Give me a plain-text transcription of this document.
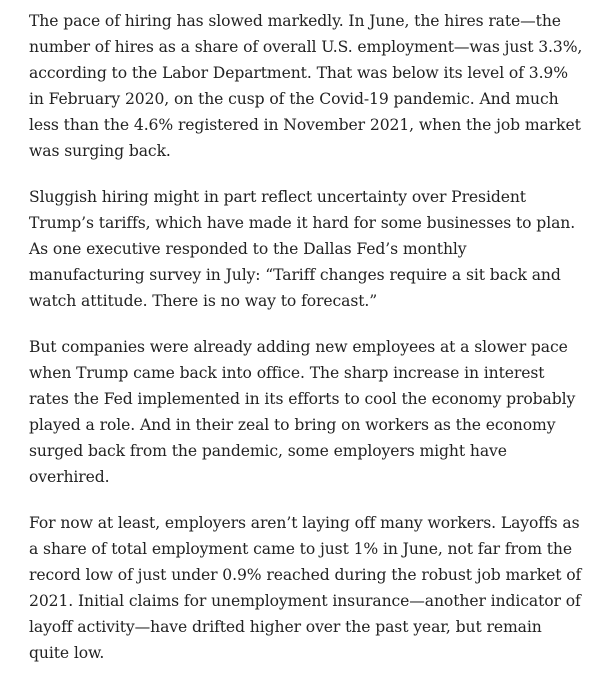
The pace of hiring has slowed markedly. In June, the hires rate—the number of hires as a share of overall U.S. employment—was just 3.3%, according to the Labor Department. That was below its level of 3.9% in February 2020, on the cusp of the Covid-19 pandemic. And much less than the 4.6% registered in November 2021, when the job market was surging back.

Sluggish hiring might in part reflect uncertainty over President Trump’s tariffs, which have made it hard for some businesses to plan. As one executive responded to the Dallas Fed’s monthly manufacturing survey in July: “Tariff changes require a sit back and watch attitude. There is no way to forecast.”

But companies were already adding new employees at a slower pace when Trump came back into office. The sharp increase in interest rates the Fed implemented in its efforts to cool the economy probably played a role. And in their zeal to bring on workers as the economy surged back from the pandemic, some employers might have overhired.

For now at least, employers aren’t laying off many workers. Layoffs as a share of total employment came to just 1% in June, not far from the record low of just under 0.9% reached during the robust job market of 2021. Initial claims for unemployment insurance—another indicator of layoff activity—have drifted higher over the past year, but remain quite low.
